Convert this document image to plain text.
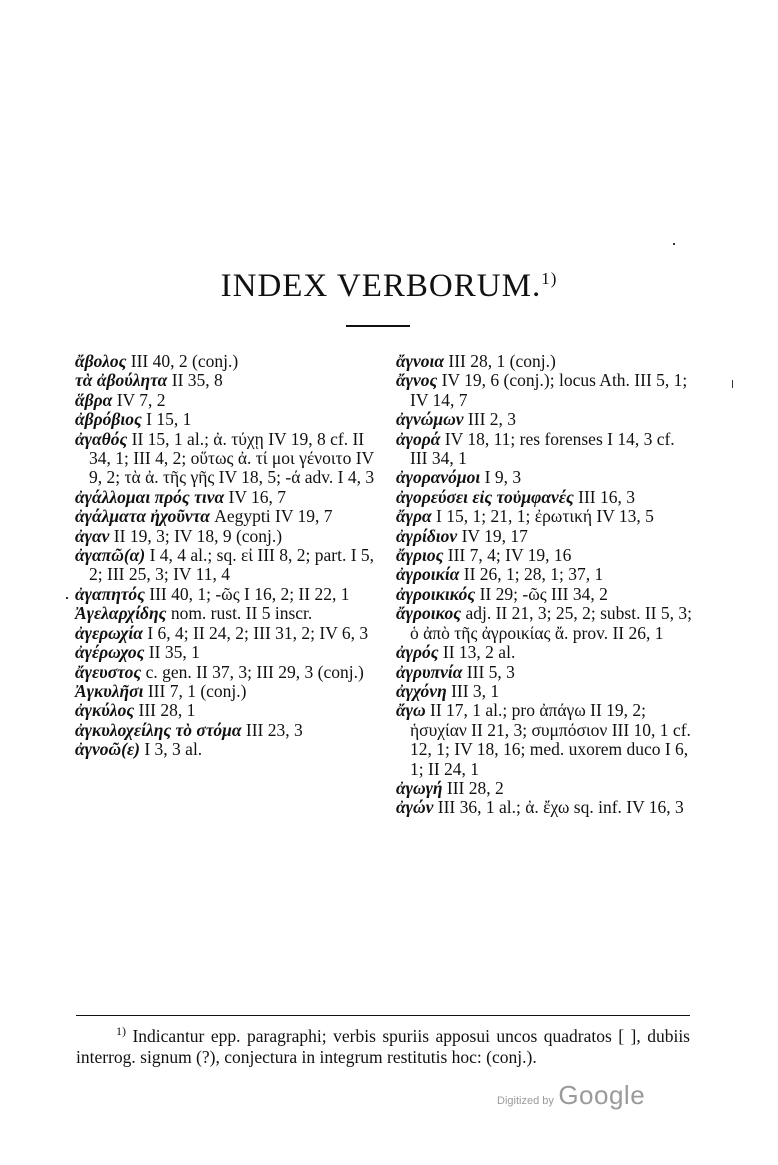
INDEX VERBORUM.$^{1)}$

ἄβολος III 40, 2 (conj.)

τὰ ἀβούλητα II 35, 8

ἅβρα IV 7, 2

ἀβρόβιος I 15, 1

ἀγαθός II 15, 1 al.; ἀ. τύχῃ IV 19, 8 cf. II 34, 1; III 4, 2; οὕτως ἀ. τί μοι γένοιτο IV 9, 2; τὰ ἀ. τῆς γῆς IV 18, 5; -ά adv. I 4, 3

ἀγάλλομαι πρός τινα IV 16, 7

ἀγάλματα ἠχοῦντα Aegypti IV 19, 7

ἀγαν II 19, 3; IV 18, 9 (conj.)

ἀγαπῶ(α) I 4, 4 al.; sq. εἰ III 8, 2; part. I 5, 2; III 25, 3; IV 11, 4

ἀγαπητός III 40, 1; -ῶς I 16, 2; II 22, 1

Ἀγελαρχίδης nom. rust. II 5 inscr.

ἀγερωχία I 6, 4; II 24, 2; III 31, 2; IV 6, 3

ἀγέρωχος II 35, 1

ἄγευστος c. gen. II 37, 3; III 29, 3 (conj.)

Ἀγκυλῆσι III 7, 1 (conj.)

ἀγκύλος III 28, 1

ἀγκυλοχείλης τὸ στόμα III 23, 3

ἀγνοῶ(ε) I 3, 3 al.

ἄγνοια III 28, 1 (conj.)

ἄγνος IV 19, 6 (conj.); locus Ath. III 5, 1; IV 14, 7

ἀγνώμων III 2, 3

ἀγορά IV 18, 11; res forenses I 14, 3 cf. III 34, 1

ἀγορανόμοι I 9, 3

ἀγορεύσει εἰς τοὐμφανές III 16, 3

ἄγρα I 15, 1; 21, 1; ἐρωτική IV 13, 5

ἀγρίδιον IV 19, 17

ἄγριος III 7, 4; IV 19, 16

ἀγροικία II 26, 1; 28, 1; 37, 1

ἀγροικικός II 29; -ῶς III 34, 2

ἄγροικος adj. II 21, 3; 25, 2; subst. II 5, 3; ὁ ἀπὸ τῆς ἀγροικίας ἄ. prov. II 26, 1

ἀγρός II 13, 2 al.

ἀγρυπνία III 5, 3

ἀγχόνη III 3, 1

ἄγω II 17, 1 al.; pro ἀπάγω II 19, 2; ἡσυχίαν II 21, 3; συμπόσιον III 10, 1 cf. 12, 1; IV 18, 16; med. uxorem duco I 6, 1; II 24, 1

ἀγωγή III 28, 2

ἀγών III 36, 1 al.; ἀ. ἔχω sq. inf. IV 16, 3

$^{1)}$ Indicantur epp. paragraphi; verbis spuriis apposui uncos quadratos [ ], dubiis interrog. signum (?), conjectura in integrum restitutis hoc: (conj.).

Digitized by Google
